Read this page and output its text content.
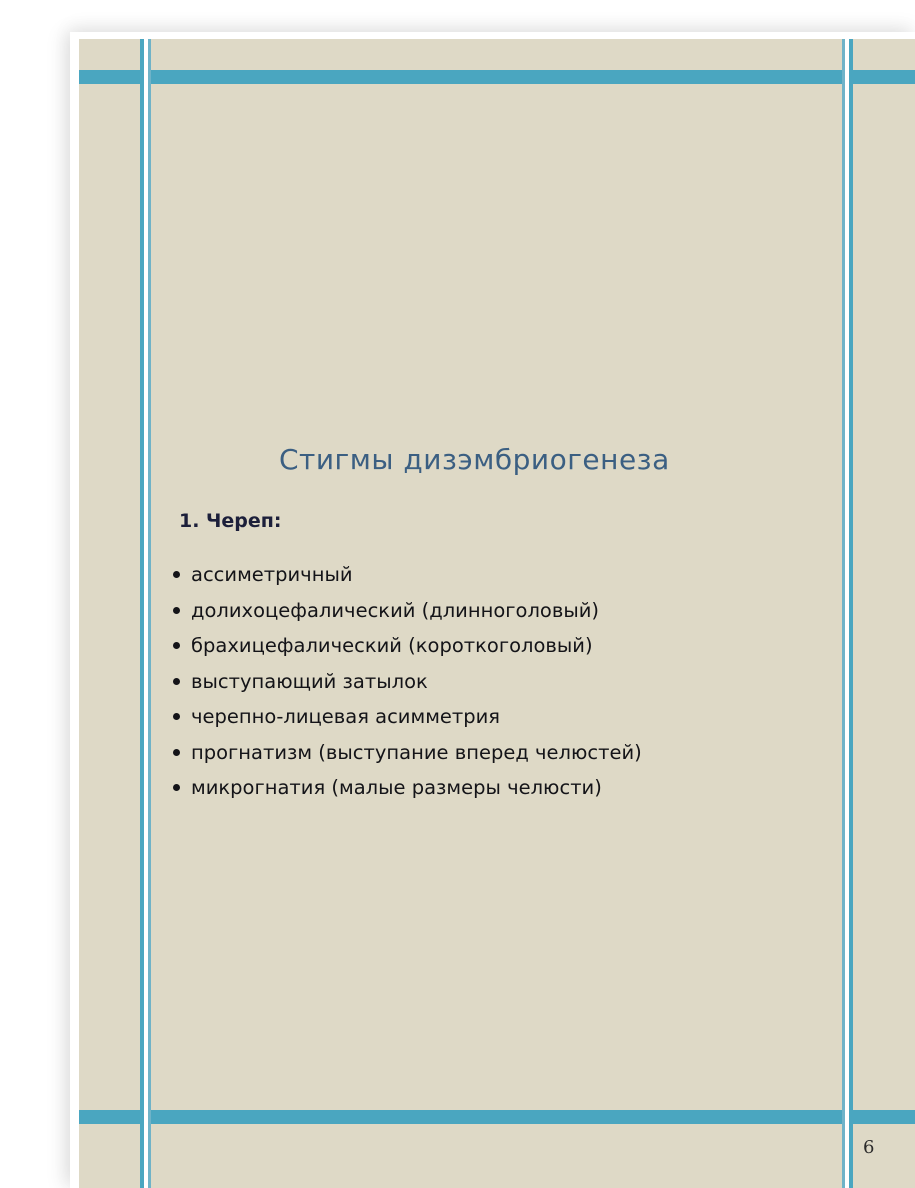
Стигмы дизэмбриогенеза
1. Череп:
ассиметричный
долихоцефалический (длинноголовый)
брахицефалический (короткоголовый)
выступающий затылок
черепно-лицевая асимметрия
прогнатизм (выступание вперед челюстей)
микрогнатия (малые размеры челюсти)
6
